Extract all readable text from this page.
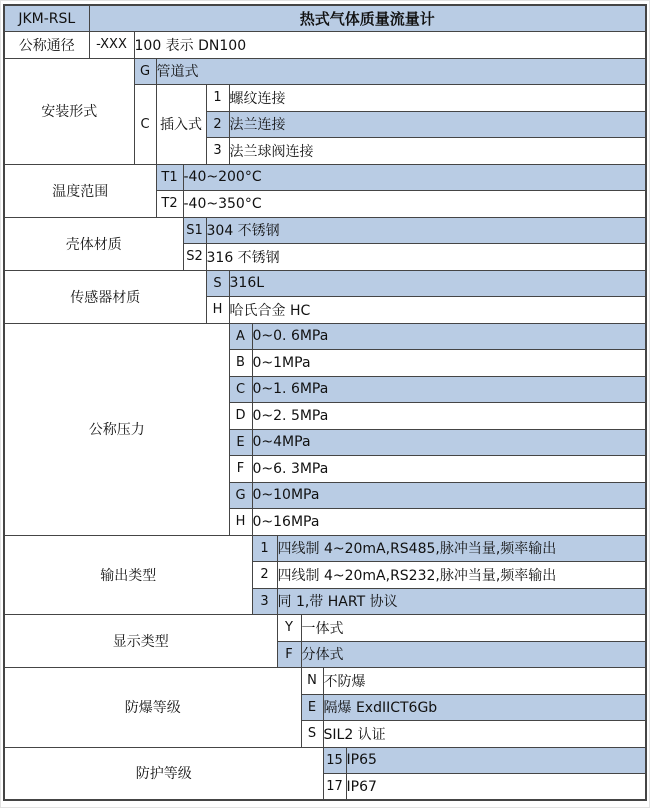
JKM-RSL	热式气体质量流量计										
公称通径	-XXX	100 表示 DN100									
安装形式		G	管道式								
		C	插入式		1	螺纹连接					
					2	法兰连接					
					3	法兰球阀连接					
温度范围			T1	-40~200°C							
			T2	-40~350°C							
壳体材质				S1	304 不锈钢						
				S2	316 不锈钢						
传感器材质					S	316L					
					H	哈氏合金 HC					
公称压力						A	0~0. 6MPa				
						B	0~1MPa				
						C	0~1. 6MPa				
						D	0~2. 5MPa				
						E	0~4MPa				
						F	0~6. 3MPa				
						G	0~10MPa				
						H	0~16MPa				
输出类型							1	四线制 4~20mA,RS485,脉冲当量,频率输出			
							2	四线制 4~20mA,RS232,脉冲当量,频率输出			
							3	同 1,带 HART 协议			
显示类型								Y	一体式		
								F	分体式		
防爆等级									N	不防爆	
									E	隔爆 ExdIICT6Gb	
									S	SIL2 认证	
防护等级										15	IP65
										17	IP67
